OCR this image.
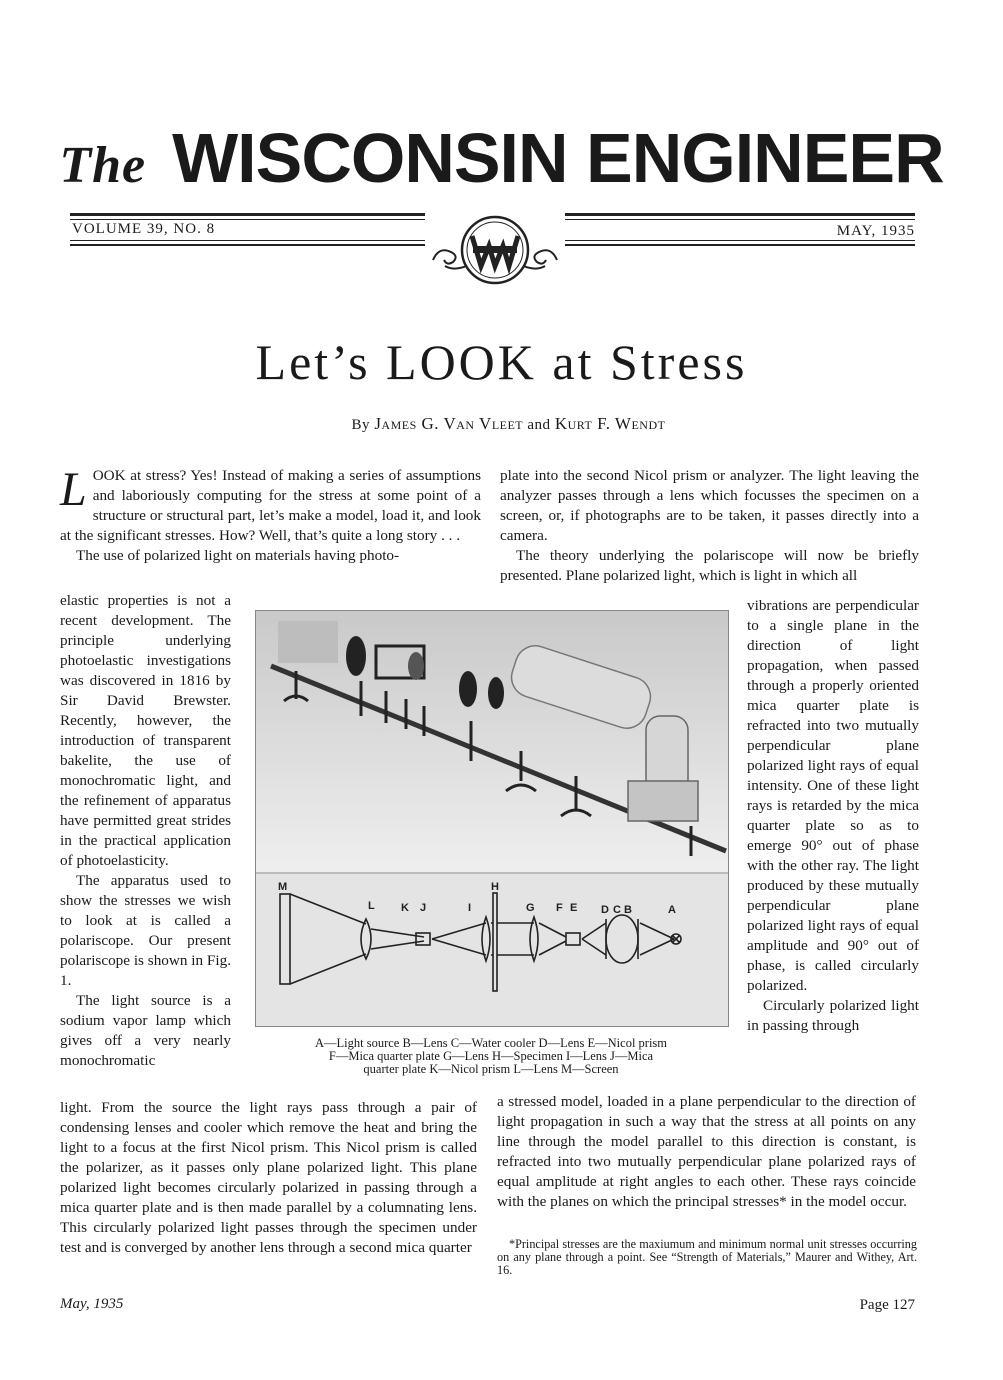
The WISCONSIN ENGINEER
VOLUME 39, NO. 8	MAY, 1935
Let’s LOOK at Stress
By James G. Van Vleet and Kurt F. Wendt

LOOK at stress? Yes! Instead of making a series of assumptions and laboriously computing for the stress at some point of a structure or structural part, let’s make a model, load it, and look at the significant stresses. How? Well, that’s quite a long story . . .

The use of polarized light on materials having photo-

elastic properties is not a recent development. The principle underlying photoelastic investigations was discovered in 1816 by Sir David Brewster. Recently, however, the introduction of transparent bakelite, the use of monochromatic light, and the refinement of apparatus have permitted great strides in the practical application of photoelasticity.

The apparatus used to show the stresses we wish to look at is called a polariscope. Our present polariscope is shown in Fig. 1.

The light source is a sodium vapor lamp which gives off a very nearly monochromatic

light. From the source the light rays pass through a pair of condensing lenses and cooler which remove the heat and bring the light to a focus at the first Nicol prism. This Nicol prism is called the polarizer, as it passes only plane polarized light. This plane polarized light becomes circularly polarized in passing through a mica quarter plate and is then made parallel by a columnating lens. This circularly polarized light passes through the specimen under test and is converged by another lens through a second mica quarter

plate into the second Nicol prism or analyzer. The light leaving the analyzer passes through a lens which focusses the specimen on a screen, or, if photographs are to be taken, it passes directly into a camera.

The theory underlying the polariscope will now be briefly presented. Plane polarized light, which is light in which all

vibrations are perpendicular to a single plane in the direction of light propagation, when passed through a properly oriented mica quarter plate is refracted into two mutually perpendicular plane polarized light rays of equal intensity. One of these light rays is retarded by the mica quarter plate so as to emerge 90° out of phase with the other ray. The light produced by these mutually perpendicular plane polarized light rays of equal amplitude and 90° out of phase, is called circularly polarized.

Circularly polarized light in passing through

a stressed model, loaded in a plane perpendicular to the direction of light propagation in such a way that the stress at all points on any line through the model parallel to this direction is constant, is refracted into two mutually perpendicular plane polarized rays of equal amplitude at right angles to each other. These rays coincide with the planes on which the principal stresses* in the model occur.

*Principal stresses are the maxiumum and minimum normal unit stresses occurring on any plane through a point. See “Strength of Materials,” Maurer and Withey, Art. 16.

M
L K J	I
H
G F E D C B	A
A—Light source B—Lens C—Water cooler D—Lens E—Nicol prism
F—Mica quarter plate G—Lens H—Specimen I—Lens J—Mica
quarter plate K—Nicol prism L—Lens M—Screen
May, 1935	Page 127
